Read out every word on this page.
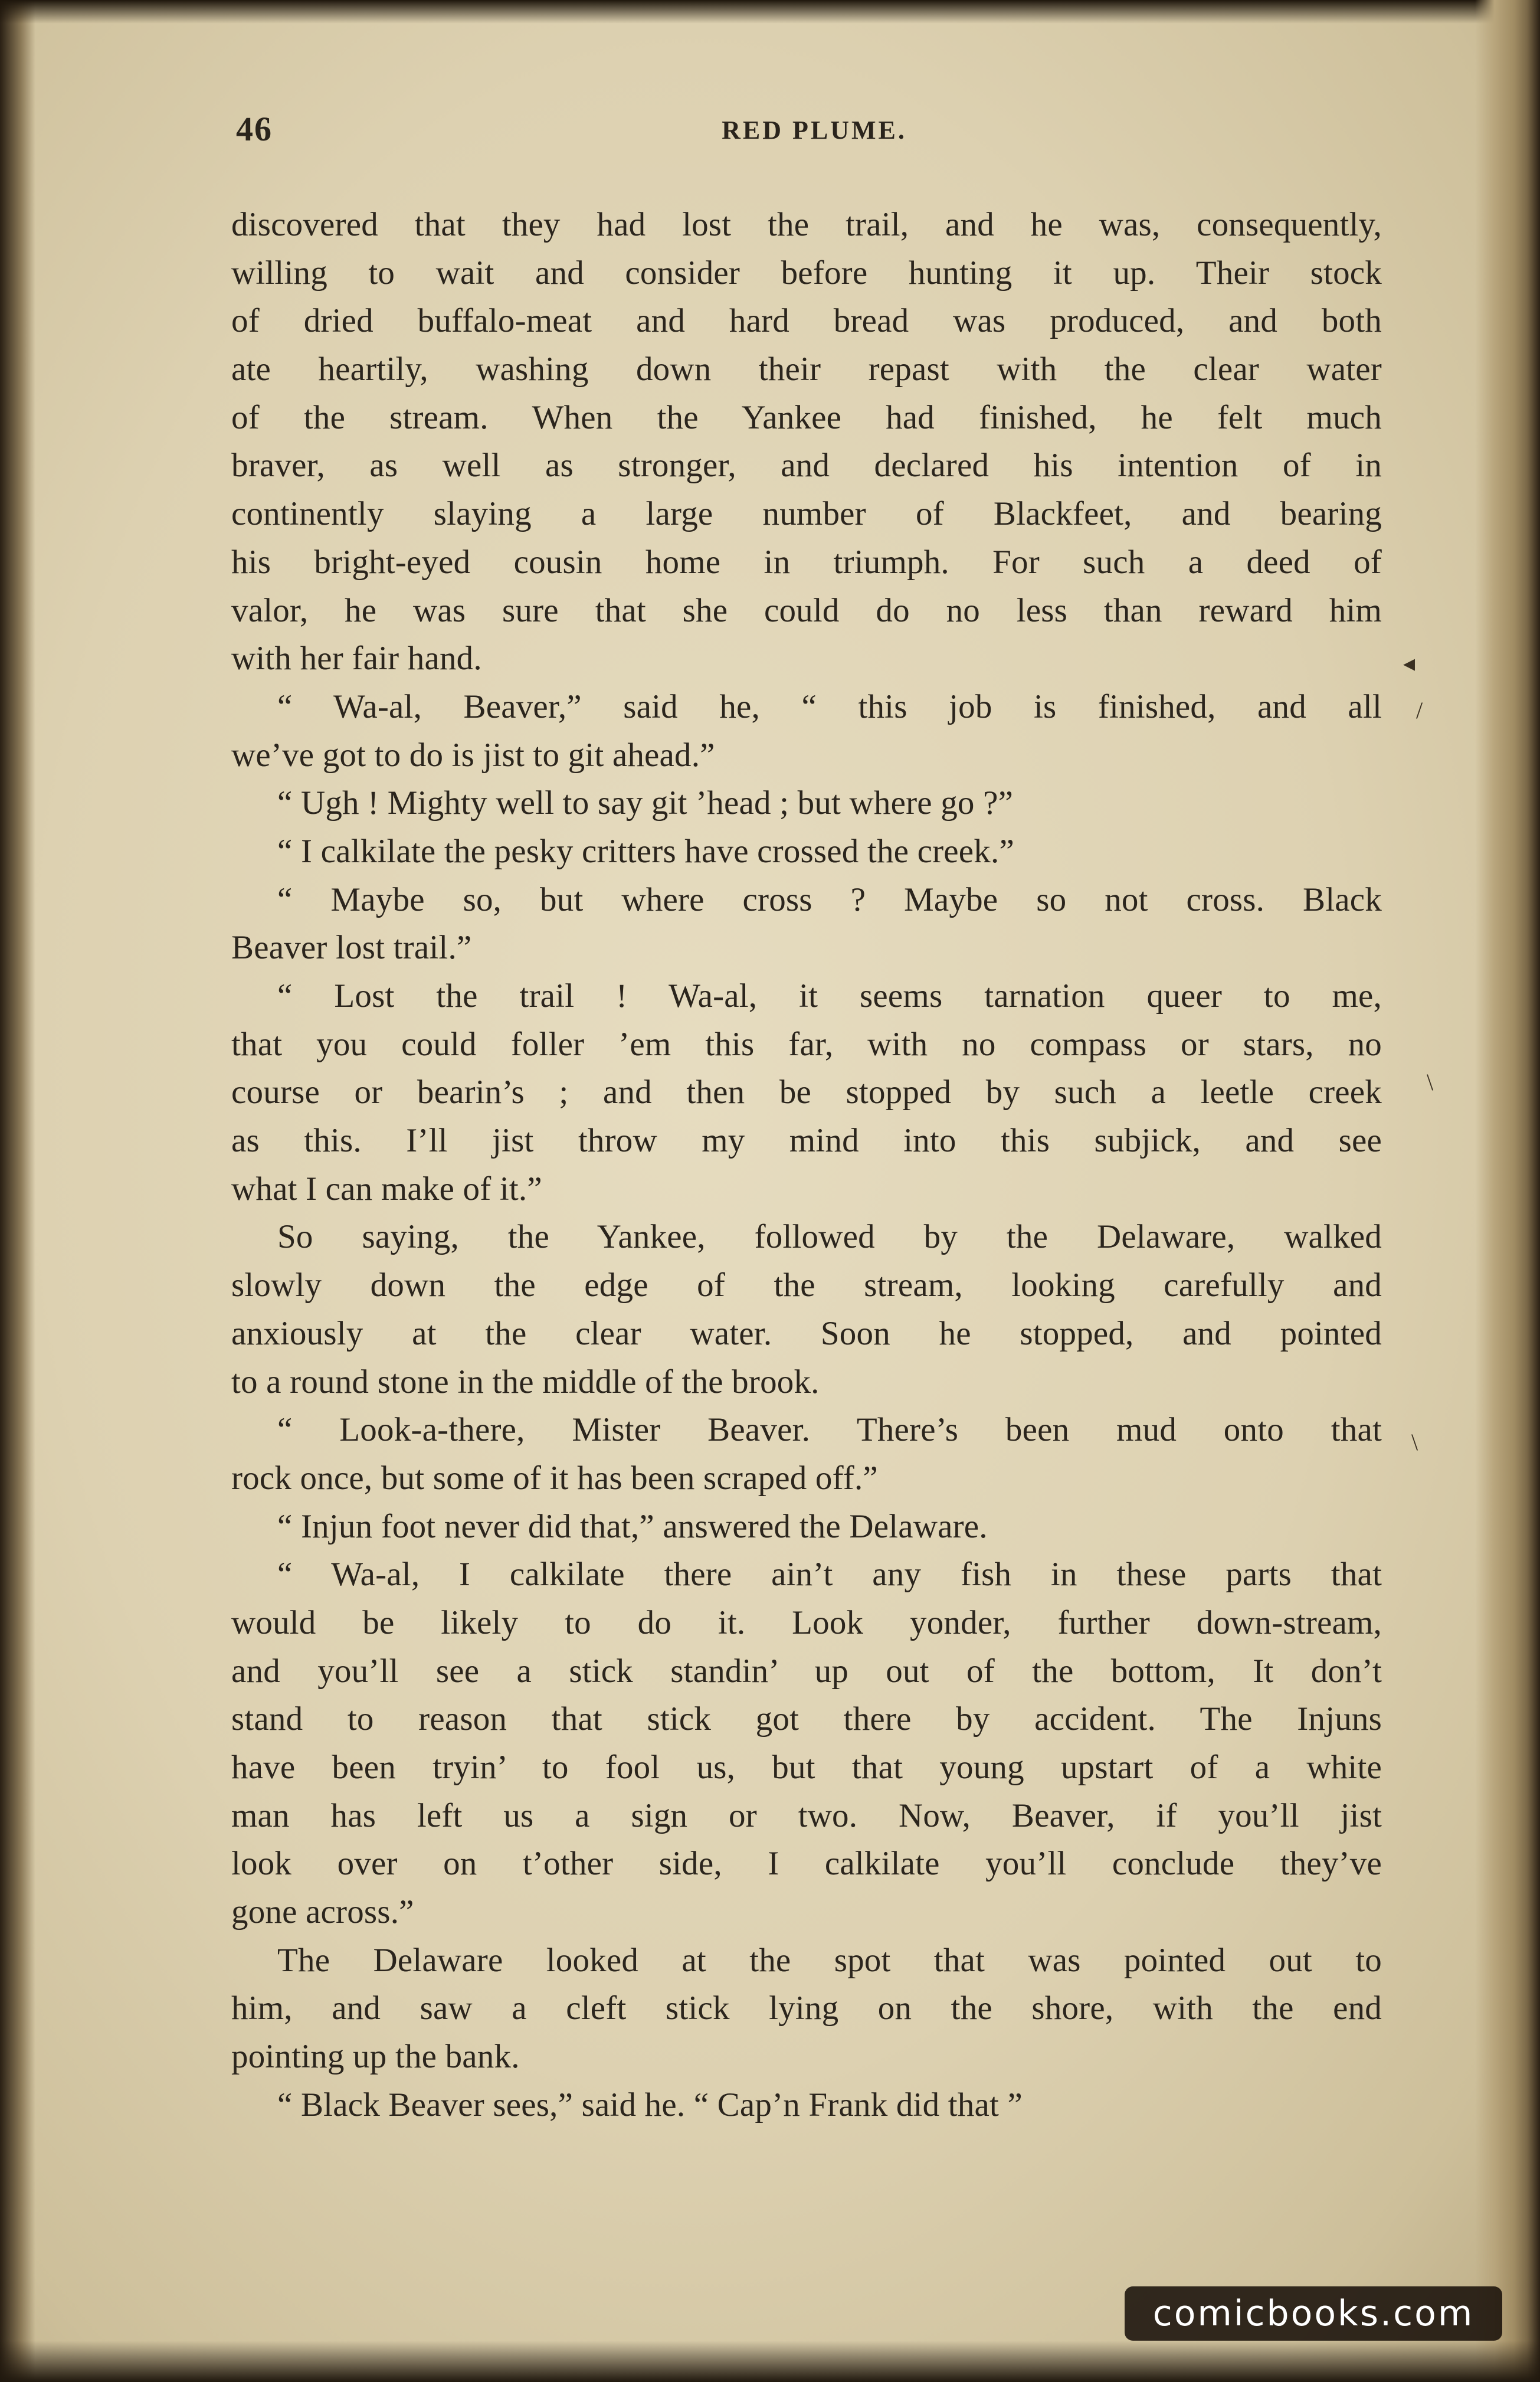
46	RED PLUME.
discovered that they had lost the trail, and he was, consequently,
willing to wait and consider before hunting it up. Their stock
of dried buffalo-meat and hard bread was produced, and both
ate heartily, washing down their repast with the clear water
of the stream. When the Yankee had finished, he felt much
braver, as well as stronger, and declared his intention of in
continently slaying a large number of Blackfeet, and bearing
his bright-eyed cousin home in triumph. For such a deed of
valor, he was sure that she could do no less than reward him
with her fair hand.
“ Wa-al, Beaver,” said he, “ this job is finished, and all
we’ve got to do is jist to git ahead.”
“ Ugh ! Mighty well to say git ’head ; but where go ?”
“ I calkilate the pesky critters have crossed the creek.”
“ Maybe so, but where cross ? Maybe so not cross. Black
Beaver lost trail.”
“ Lost the trail ! Wa-al, it seems tarnation queer to me,
that you could foller ’em this far, with no compass or stars, no
course or bearin’s ; and then be stopped by such a leetle creek
as this. I’ll jist throw my mind into this subjick, and see
what I can make of it.”
So saying, the Yankee, followed by the Delaware, walked
slowly down the edge of the stream, looking carefully and
anxiously at the clear water. Soon he stopped, and pointed
to a round stone in the middle of the brook.
“ Look-a-there, Mister Beaver. There’s been mud onto that
rock once, but some of it has been scraped off.”
“ Injun foot never did that,” answered the Delaware.
“ Wa-al, I calkilate there ain’t any fish in these parts that
would be likely to do it. Look yonder, further down-stream,
and you’ll see a stick standin’ up out of the bottom, It don’t
stand to reason that stick got there by accident. The Injuns
have been tryin’ to fool us, but that young upstart of a white
man has left us a sign or two. Now, Beaver, if you’ll jist
look over on t’other side, I calkilate you’ll conclude they’ve
gone across.”
The Delaware looked at the spot that was pointed out to
him, and saw a cleft stick lying on the shore, with the end
pointing up the bank.
“ Black Beaver sees,” said he. “ Cap’n Frank did that ”
◂
/
\
\
comicbooks.com
